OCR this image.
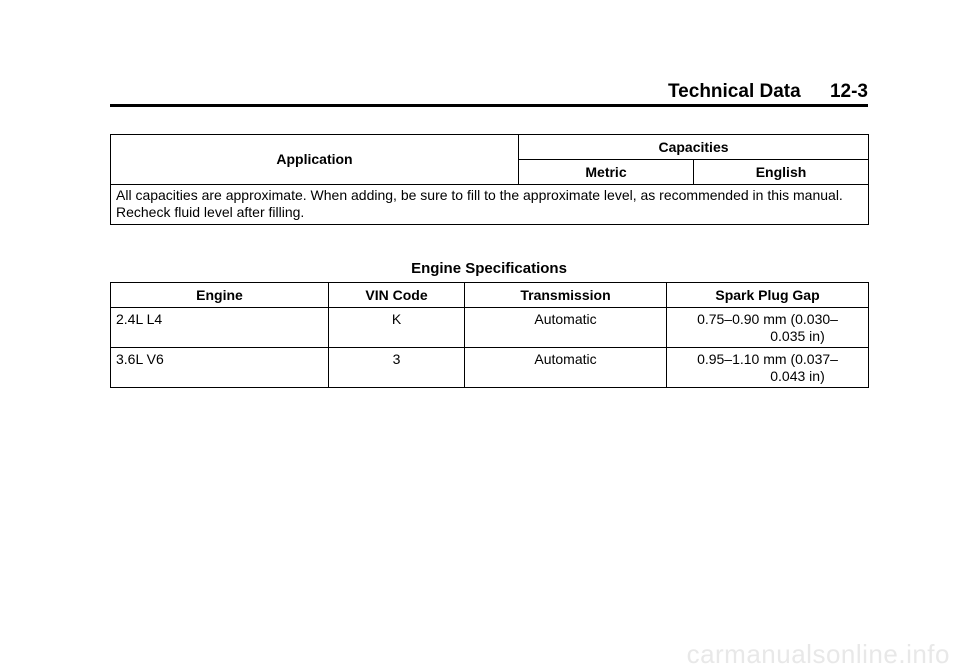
Technical Data 12-3
Application	Capacities	
	Metric	English
All capacities are approximate. When adding, be sure to fill to the approximate level, as recommended in this manual. Recheck fluid level after filling.		
Engine Specifications
Engine	VIN Code	Transmission	Spark Plug Gap
2.4L L4	K	Automatic	0.75–0.90 mm (0.030–
0.035 in)

3.6L V6	3	Automatic	0.95–1.10 mm (0.037–
0.043 in)
carmanualsonline.info
